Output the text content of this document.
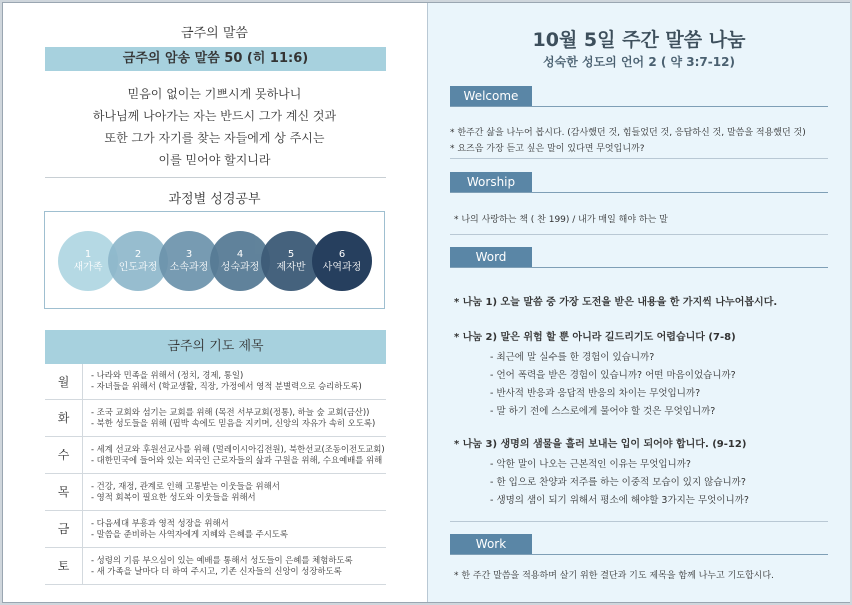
금주의 말씀
금주의 암송 말씀 50 (히 11:6)
믿음이 없이는 기쁘시게 못하나니
하나님께 나아가는 자는 반드시 그가 계신 것과
또한 그가 자기를 찾는 자들에게 상 주시는
이를 믿어야 할지니라
과정별 성경공부
1
새가족
2
인도과정
3
소속과정
4
성숙과정
5
제자반
6
사역과정
금주의 기도 제목
월	- 나라와 민족을 위해서 (정치, 경제, 통일)
- 자녀들을 위해서 (학교생활, 직장, 가정에서 영적 분별력으로 승리하도록)

화	- 조국 교회와 섬기는 교회를 위해 (목전 서부교회(정통), 하늘 숲 교회(금산))
- 북한 성도들을 위해 (핍박 속에도 믿음을 지키며, 신앙의 자유가 속히 오도록)

수	- 세계 선교와 후원선교사를 위해 (멀레이시아김전원), 북한선교(조동이전도교회)
- 대한민국에 들어와 있는 외국인 근로자들의 삶과 구원을 위해, 수요예배를 위해

목	- 건강, 재정, 관계로 인해 고통받는 이웃들을 위해서
- 영적 회복이 필요한 성도와 이웃들을 위해서

금	- 다음세대 부흥과 영적 성장을 위해서
- 말씀을 준비하는 사역자에게 지혜와 은혜를 주시도록

토	- 성령의 기름 부으심이 있는 예배를 통해서 성도들이 은혜를 체험하도록
- 새 가족을 날마다 더 하여 주시고, 기존 신자들의 신앙이 성장하도록
10월 5일 주간 말씀 나눔
성숙한 성도의 언어 2 ( 약 3:7-12)
Welcome
* 한주간 삶을 나누어 봅시다. (감사했던 것, 힘들었던 것, 응답하신 것, 말씀을 적용했던 것)
* 요즈음 가장 듣고 싶은 말이 있다면 무엇입니까?
Worship
* 나의 사랑하는 책 ( 찬 199) / 내가 매일 해야 하는 말
Word
* 나눔 1) 오늘 말씀 중 가장 도전을 받은 내용을 한 가지씩 나누어봅시다.
* 나눔 2) 말은 위험 할 뿐 아니라 길드리기도 어렵습니다 (7-8)
- 최근에 말 실수를 한 경험이 있습니까?
- 언어 폭력을 받은 경험이 있습니까? 어떤 마음이었습니까?
- 반사적 반응과 응답적 반응의 차이는 무엇입니까?
- 말 하기 전에 스스로에게 물어야 할 것은 무엇입니까?
* 나눔 3) 생명의 샘물을 흘러 보내는 입이 되어야 합니다. (9-12)
- 악한 말이 나오는 근본적인 이유는 무엇입니까?
- 한 입으로 찬양과 저주를 하는 이중적 모습이 있지 않습니까?
- 생명의 샘이 되기 위해서 평소에 해야할 3가지는 무엇이니까?
Work
* 한 주간 말씀을 적용하며 살기 위한 결단과 기도 제목을 함께 나누고 기도합시다.
